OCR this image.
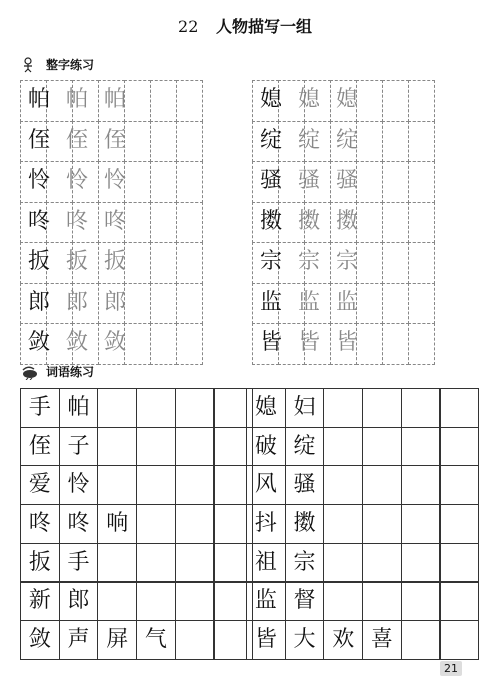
22 人物描写一组
整字练习
帕 帕 帕	媳 媳 媳
侄 侄 侄	绽 绽 绽
怜 怜 怜	骚 骚 骚
咚 咚 咚	擞 擞 擞
扳 扳 扳	宗 宗 宗
郎 郎 郎	监 监 监
敛 敛 敛	皆 皆 皆
词语练习
手 帕	媳 妇
侄 子	破 绽
爱 怜	风 骚
咚 咚 响	抖 擞
扳 手	祖 宗
新 郎	监 督
敛 声 屏 气	皆 大 欢 喜
21
